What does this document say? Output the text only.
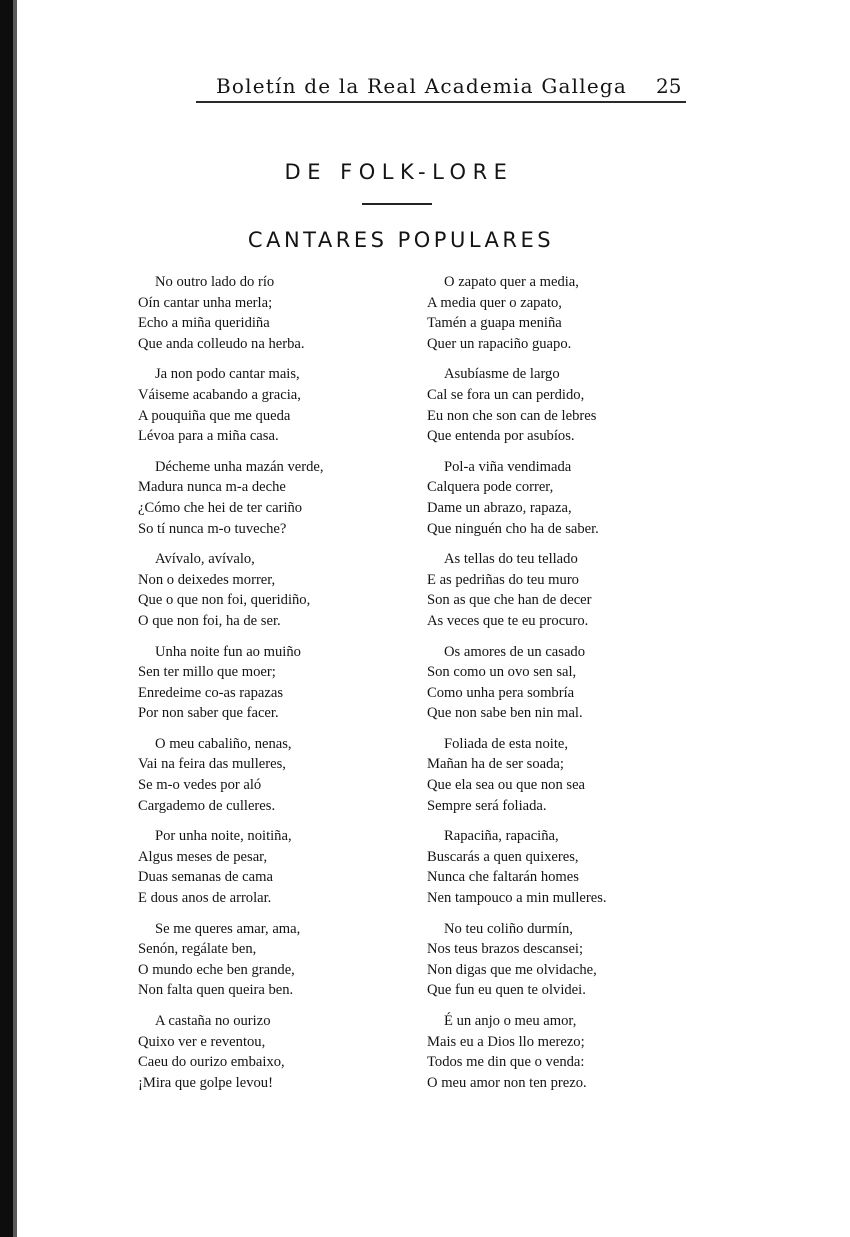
Boletín de la Real Academia Gallega 25
DE FOLK-LORE
CANTARES POPULARES
No outro lado do río
Oín cantar unha merla;
Echo a miña queridiña
Que anda colleudo na herba.
Ja non podo cantar mais,
Váiseme acabando a gracia,
A pouquiña que me queda
Lévoa para a miña casa.
Décheme unha mazán verde,
Madura nunca m-a deche
¿Cómo che hei de ter cariño
So tí nunca m-o tuveche?
Avívalo, avívalo,
Non o deixedes morrer,
Que o que non foi, queridiño,
O que non foi, ha de ser.
Unha noite fun ao muiño
Sen ter millo que moer;
Enredeime co-as rapazas
Por non saber que facer.
O meu cabaliño, nenas,
Vai na feira das mulleres,
Se m-o vedes por aló
Cargademo de culleres.
Por unha noite, noitiña,
Algus meses de pesar,
Duas semanas de cama
E dous anos de arrolar.
Se me queres amar, ama,
Senón, regálate ben,
O mundo eche ben grande,
Non falta quen queira ben.
A castaña no ourizo
Quixo ver e reventou,
Caeu do ourizo embaixo,
¡Mira que golpe levou!
O zapato quer a media,
A media quer o zapato,
Tamén a guapa meniña
Quer un rapaciño guapo.
Asubíasme de largo
Cal se fora un can perdido,
Eu non che son can de lebres
Que entenda por asubíos.
Pol-a viña vendimada
Calquera pode correr,
Dame un abrazo, rapaza,
Que ninguén cho ha de saber.
As tellas do teu tellado
E as pedriñas do teu muro
Son as que che han de decer
As veces que te eu procuro.
Os amores de un casado
Son como un ovo sen sal,
Como unha pera sombría
Que non sabe ben nin mal.
Foliada de esta noite,
Mañan ha de ser soada;
Que ela sea ou que non sea
Sempre será foliada.
Rapaciña, rapaciña,
Buscarás a quen quixeres,
Nunca che faltarán homes
Nen tampouco a min mulleres.
No teu coliño durmín,
Nos teus brazos descansei;
Non digas que me olvidache,
Que fun eu quen te olvidei.
É un anjo o meu amor,
Mais eu a Dios llo merezo;
Todos me din que o venda:
O meu amor non ten prezo.
